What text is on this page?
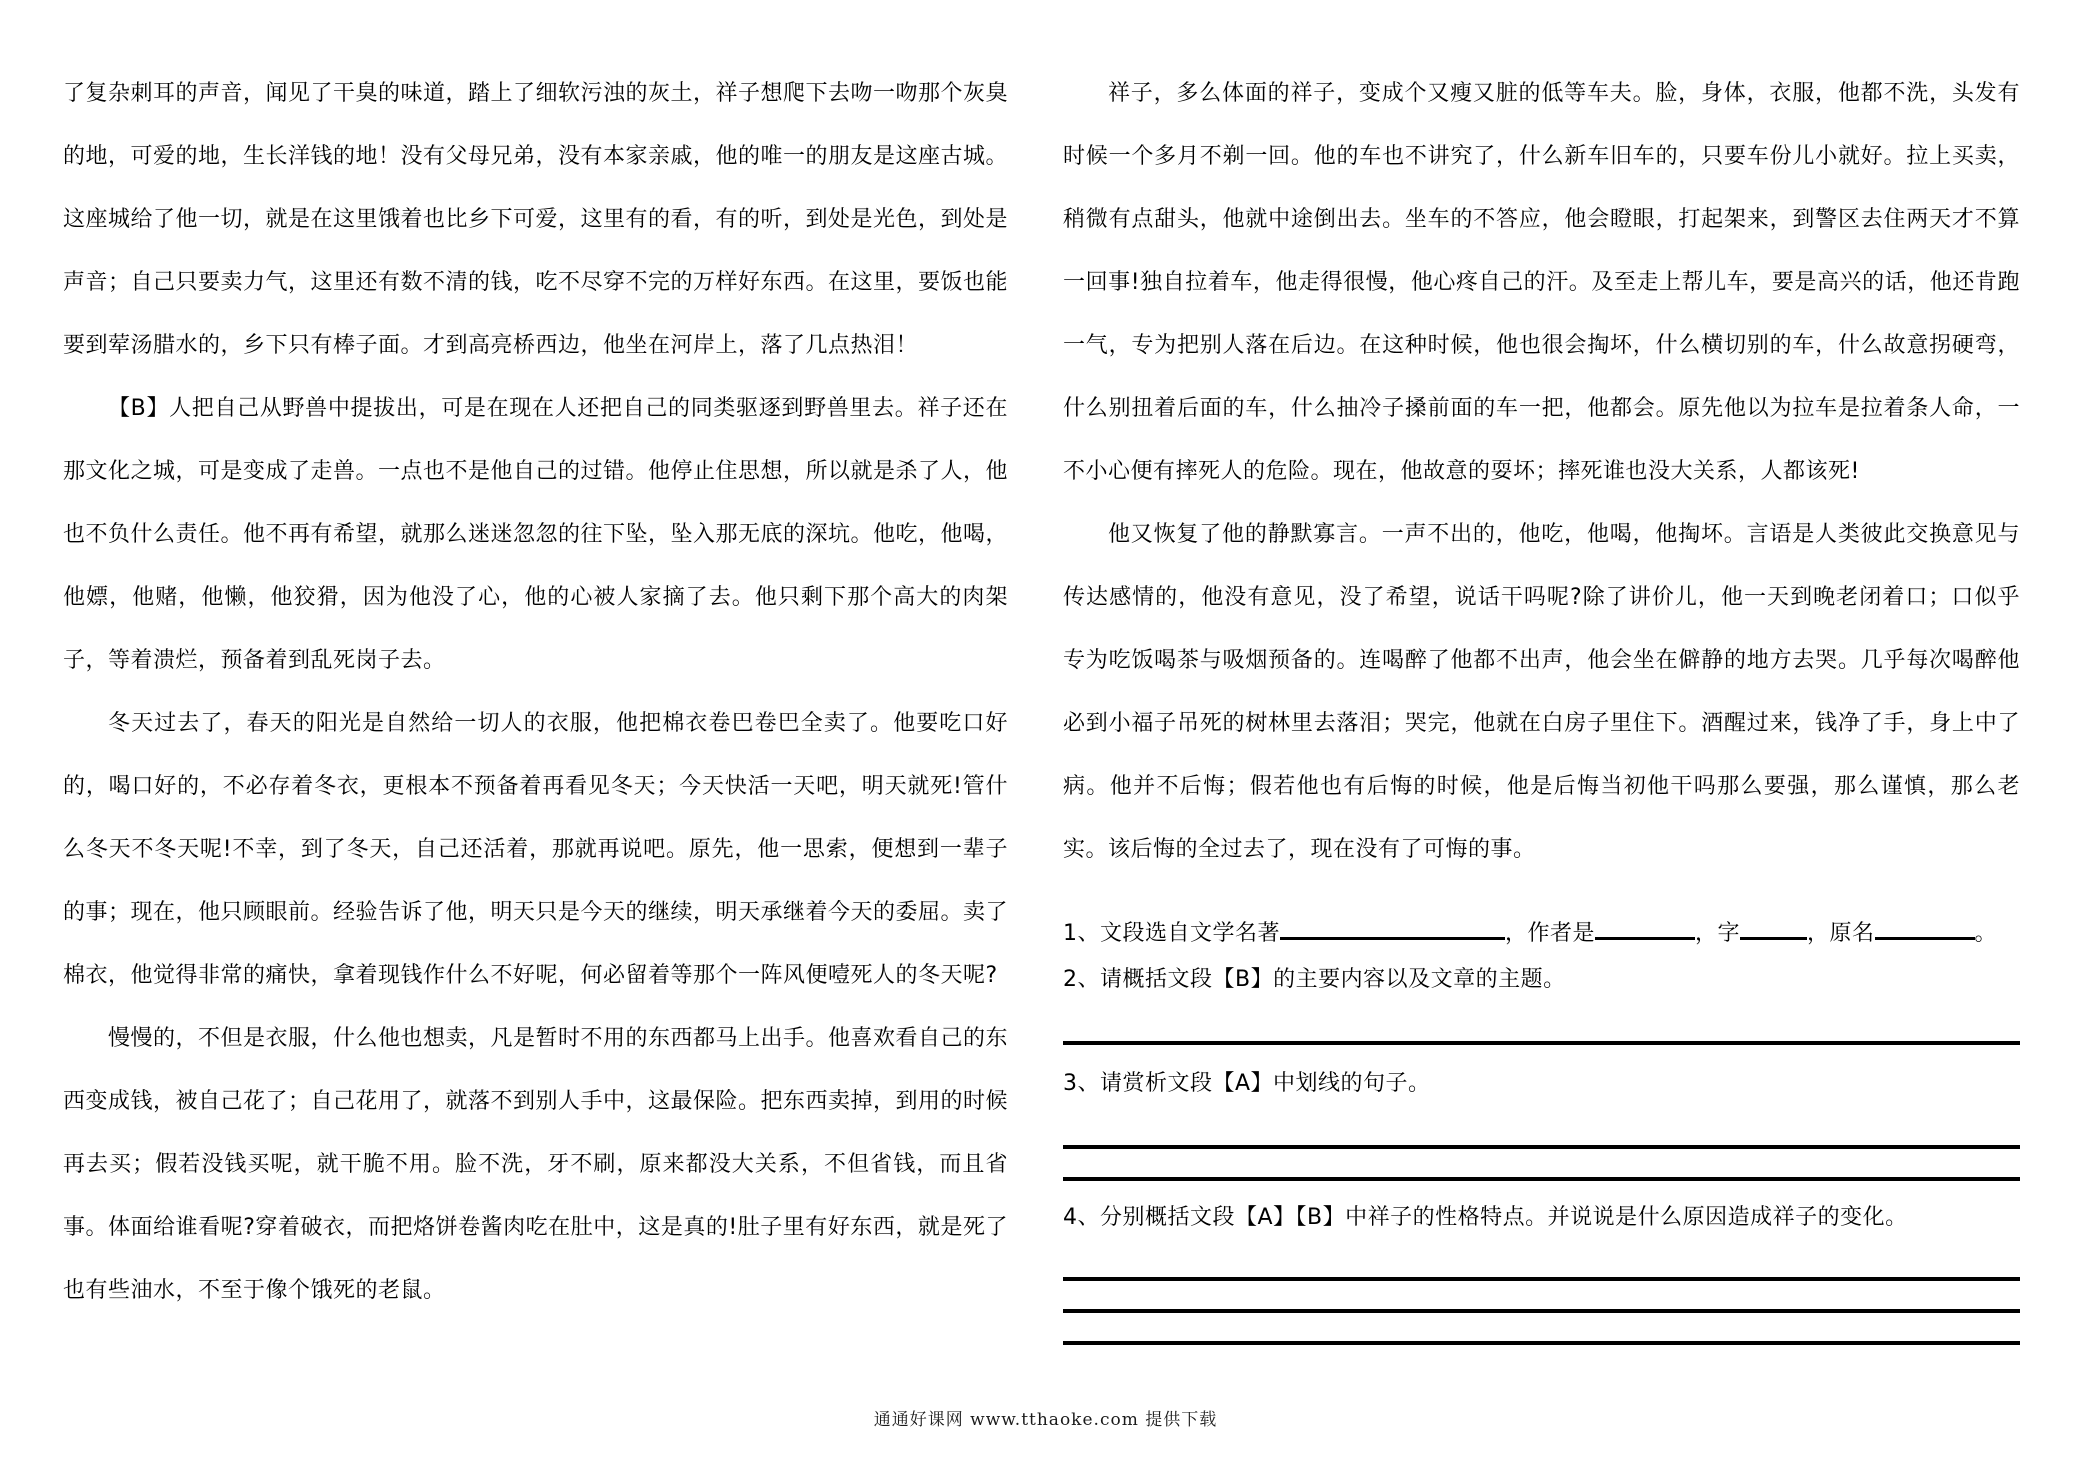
了复杂刺耳的声音，闻见了干臭的味道，踏上了细软污浊的灰土，祥子想爬下去吻一吻那个灰臭的地，可爱的地，生长洋钱的地！没有父母兄弟，没有本家亲戚，他的唯一的朋友是这座古城。这座城给了他一切，就是在这里饿着也比乡下可爱，这里有的看，有的听，到处是光色，到处是声音；自己只要卖力气，这里还有数不清的钱，吃不尽穿不完的万样好东西。在这里，要饭也能要到荤汤腊水的，乡下只有棒子面。才到高亮桥西边，他坐在河岸上，落了几点热泪！

【B】人把自己从野兽中提拔出，可是在现在人还把自己的同类驱逐到野兽里去。祥子还在那文化之城，可是变成了走兽。一点也不是他自己的过错。他停止住思想，所以就是杀了人，他也不负什么责任。他不再有希望，就那么迷迷忽忽的往下坠，坠入那无底的深坑。他吃，他喝，他嫖，他赌，他懒，他狡猾，因为他没了心，他的心被人家摘了去。他只剩下那个高大的肉架子，等着溃烂，预备着到乱死岗子去。

冬天过去了，春天的阳光是自然给一切人的衣服，他把棉衣卷巴卷巴全卖了。他要吃口好的，喝口好的，不必存着冬衣，更根本不预备着再看见冬天；今天快活一天吧，明天就死!管什么冬天不冬天呢!不幸，到了冬天，自己还活着，那就再说吧。原先，他一思索，便想到一辈子的事；现在，他只顾眼前。经验告诉了他，明天只是今天的继续，明天承继着今天的委屈。卖了棉衣，他觉得非常的痛快，拿着现钱作什么不好呢，何必留着等那个一阵风便噎死人的冬天呢?

慢慢的，不但是衣服，什么他也想卖，凡是暂时不用的东西都马上出手。他喜欢看自己的东西变成钱，被自己花了；自己花用了，就落不到别人手中，这最保险。把东西卖掉，到用的时候再去买；假若没钱买呢，就干脆不用。脸不洗，牙不刷，原来都没大关系，不但省钱，而且省事。体面给谁看呢?穿着破衣，而把烙饼卷酱肉吃在肚中，这是真的!肚子里有好东西，就是死了也有些油水，不至于像个饿死的老鼠。

祥子，多么体面的祥子，变成个又瘦又脏的低等车夫。脸，身体，衣服，他都不洗，头发有时候一个多月不剃一回。他的车也不讲究了，什么新车旧车的，只要车份儿小就好。拉上买卖，稍微有点甜头，他就中途倒出去。坐车的不答应，他会瞪眼，打起架来，到警区去住两天才不算一回事!独自拉着车，他走得很慢，他心疼自己的汗。及至走上帮儿车，要是高兴的话，他还肯跑一气，专为把别人落在后边。在这种时候，他也很会掏坏，什么横切别的车，什么故意拐硬弯，什么别扭着后面的车，什么抽冷子搡前面的车一把，他都会。原先他以为拉车是拉着条人命，一不小心便有摔死人的危险。现在，他故意的耍坏；摔死谁也没大关系，人都该死!

他又恢复了他的静默寡言。一声不出的，他吃，他喝，他掏坏。言语是人类彼此交换意见与传达感情的，他没有意见，没了希望，说话干吗呢?除了讲价儿，他一天到晚老闭着口；口似乎专为吃饭喝茶与吸烟预备的。连喝醉了他都不出声，他会坐在僻静的地方去哭。几乎每次喝醉他必到小福子吊死的树林里去落泪；哭完，他就在白房子里住下。酒醒过来，钱净了手，身上中了病。他并不后悔；假若他也有后悔的时候，他是后悔当初他干吗那么要强，那么谨慎，那么老实。该后悔的全过去了，现在没有了可悔的事。

1、文段选自文学名著	，作者是	，字	，原名	。
2、请概括文段【B】的主要内容以及文章的主题。
3、请赏析文段【A】中划线的句子。
4、分别概括文段【A】【B】中祥子的性格特点。并说说是什么原因造成祥子的变化。
通通好课网 www.tthaoke.com 提供下载
